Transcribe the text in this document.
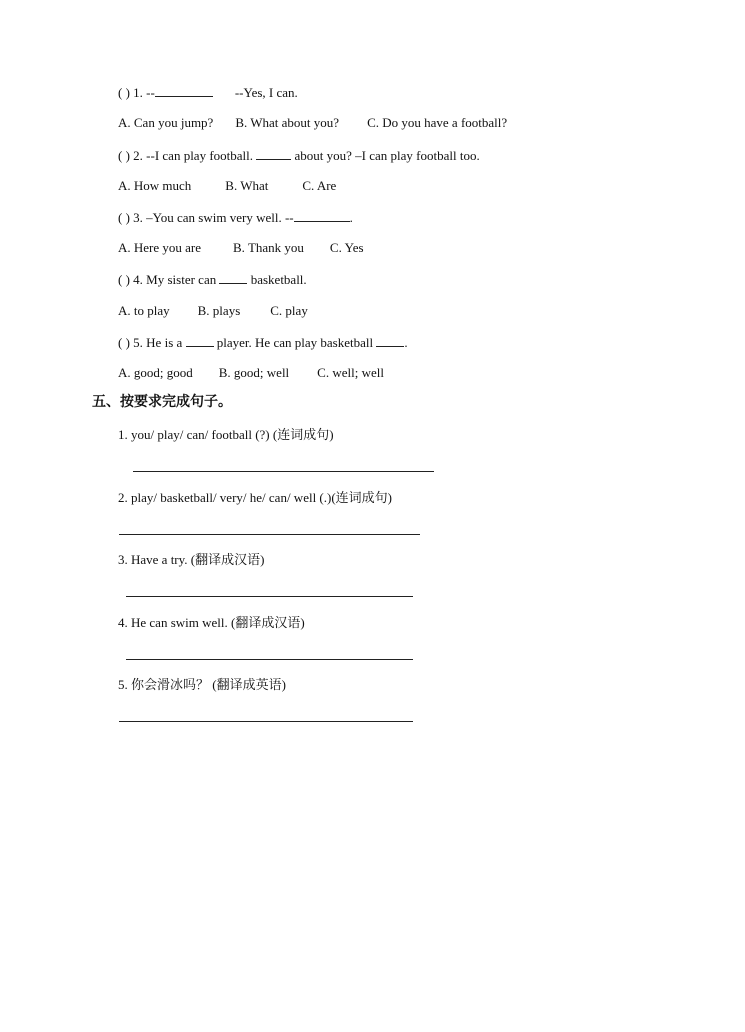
( ) 1. --	--Yes, I can.
A. Can you jump? B. What about you? C. Do you have a football?
( ) 2. --I can play football.	about you? –I can play football too.
A. How much	B. What	C. Are
( ) 3. –You can swim very well. --	.
A. Here you are B. Thank you C. Yes
( ) 4. My sister can	basketball.
A. to play B. plays C. play
( ) 5. He is a	player. He can play basketball .
A. good; good B. good; well C. well; well
五、按要求完成句子。
1. you/ play/ can/ football (?) (连词成句)
2. play/ basketball/ very/ he/ can/ well (.)(连词成句)
3. Have a try. (翻译成汉语)
4. He can swim well. (翻译成汉语)
5. 你会滑冰吗？ (翻译成英语)
